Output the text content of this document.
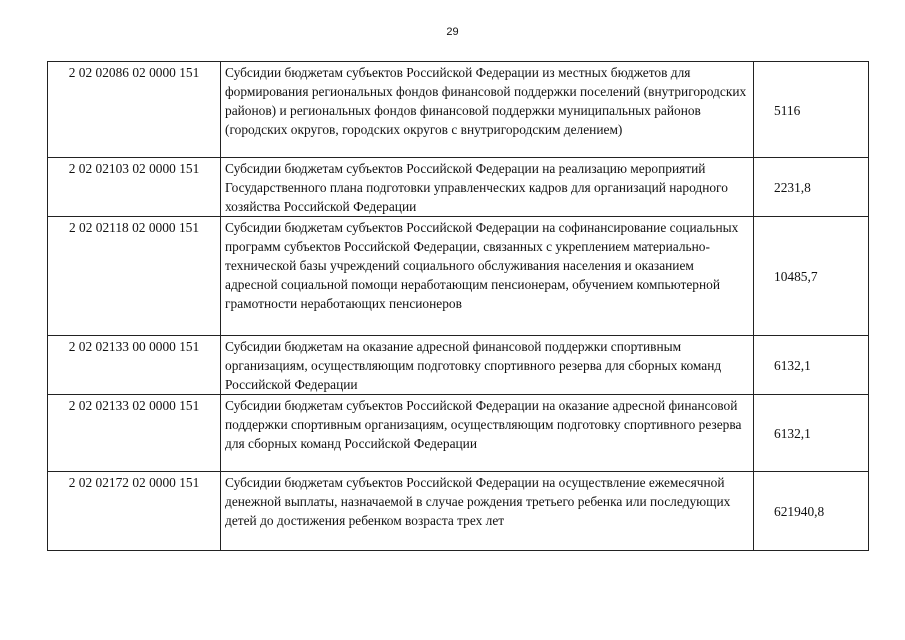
29
2 02 02086 02 0000 151	Субсидии бюджетам субъектов Российской Федерации из местных бюджетов для формирования региональных фондов финансовой поддержки поселений (внутригородских районов) и региональных фондов финансовой поддержки муниципальных районов (городских округов, городских округов с внутригородским делением)	5116
2 02 02103 02 0000 151	Субсидии бюджетам субъектов Российской Федерации на реализацию мероприятий Государственного плана подготовки управленческих кадров для организаций народного хозяйства Российской Федерации	2231,8
2 02 02118 02 0000 151	Субсидии бюджетам субъектов Российской Федерации на софинансирование социальных программ субъектов Российской Федерации, связанных с укреплением материально-технической базы учреждений социального обслуживания населения и оказанием адресной социальной помощи неработающим пенсионерам, обучением компьютерной грамотности неработающих пенсионеров	10485,7
2 02 02133 00 0000 151	Субсидии бюджетам на оказание адресной финансовой поддержки спортивным организациям, осуществляющим подготовку спортивного резерва для сборных команд Российской Федерации	6132,1
2 02 02133 02 0000 151	Субсидии бюджетам субъектов Российской Федерации на оказание адресной финансовой поддержки спортивным организациям, осуществляющим подготовку спортивного резерва для сборных команд Российской Федерации	6132,1
2 02 02172 02 0000 151	Субсидии бюджетам субъектов Российской Федерации на осуществление ежемесячной денежной выплаты, назначаемой в случае рождения третьего ребенка или последующих детей до достижения ребенком возраста трех лет	621940,8
